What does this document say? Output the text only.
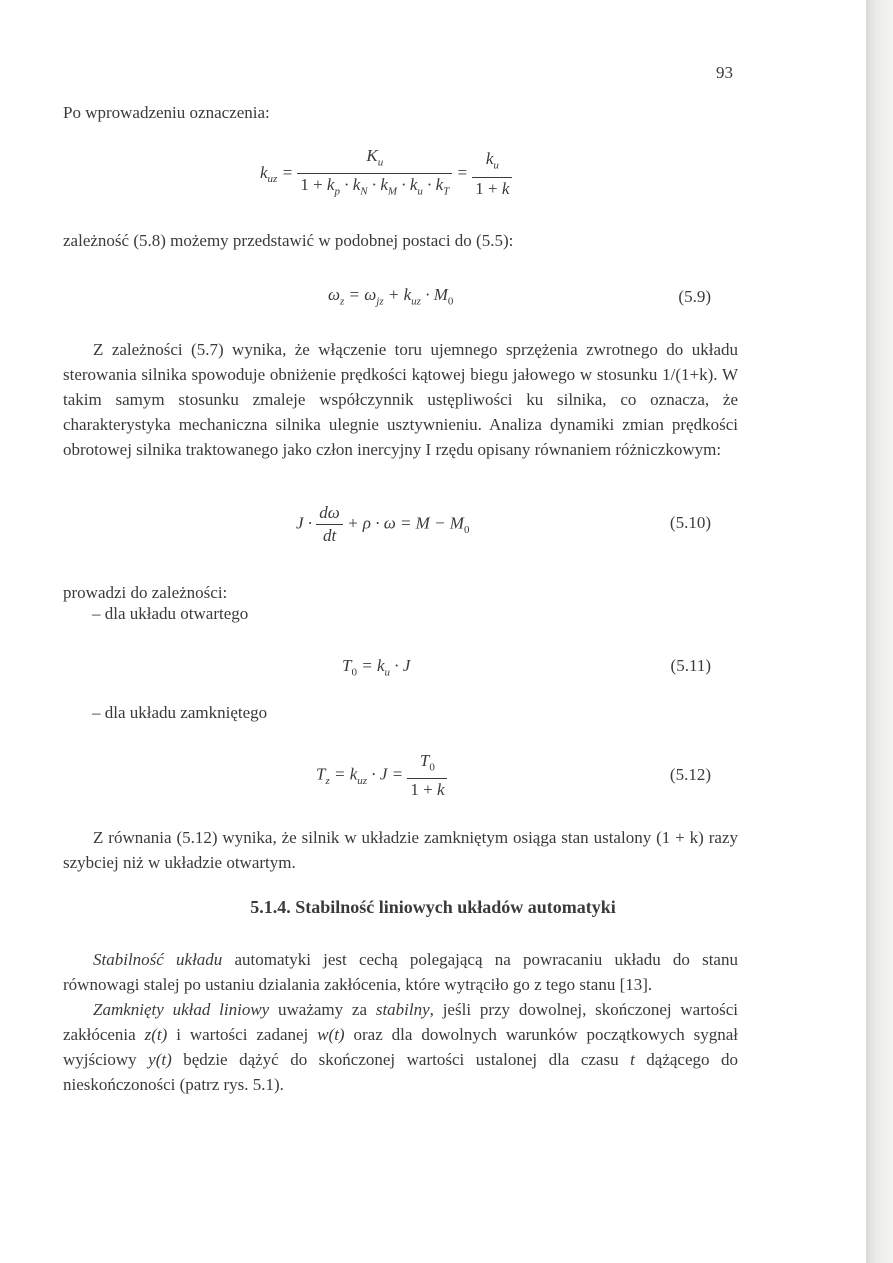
93

Po wprowadzeniu oznaczenia:

$k_{uz} = \frac{K_u}{1 + k_p \cdot k_N \cdot k_M \cdot k_u \cdot k_T} = \frac{k_u}{1 + k}$

zależność (5.8) możemy przedstawić w podobnej postaci do (5.5):

$\omega_z = \omega_{jz} + k_{uz} \cdot M_0$	(5.9)

Z zależności (5.7) wynika, że włączenie toru ujemnego sprzężenia zwrotnego do układu sterowania silnika spowoduje obniżenie prędkości kątowej biegu jałowego w stosunku 1/(1+k). W takim samym stosunku zmaleje współczynnik ustępliwości ku silnika, co oznacza, że charakterystyka mechaniczna silnika ulegnie usztywnieniu. Analiza dynamiki zmian prędkości obrotowej silnika traktowanego jako człon inercyjny I rzędu opisany równaniem różniczkowym:

$J \cdot \frac{d\omega}{dt} + \rho \cdot \omega = M - M_0$	(5.10)

prowadzi do zależności:

– dla układu otwartego
$T_0 = k_u \cdot J$	(5.11)
– dla układu zamkniętego
$T_z = k_{uz} \cdot J = \frac{T_0}{1 + k}$	(5.12)

Z równania (5.12) wynika, że silnik w układzie zamkniętym osiąga stan ustalony (1 + k) razy szybciej niż w układzie otwartym.

5.1.4. Stabilność liniowych układów automatyki

Stabilność układu automatyki jest cechą polegającą na powracaniu układu do stanu równowagi stalej po ustaniu dzialania zakłócenia, które wytrąciło go z tego stanu [13].

Zamknięty układ liniowy uważamy za stabilny, jeśli przy dowolnej, skończonej wartości zakłócenia z(t) i wartości zadanej w(t) oraz dla dowolnych warunków początkowych sygnał wyjściowy y(t) będzie dążyć do skończonej wartości ustalonej dla czasu t dążącego do nieskończoności (patrz rys. 5.1).
